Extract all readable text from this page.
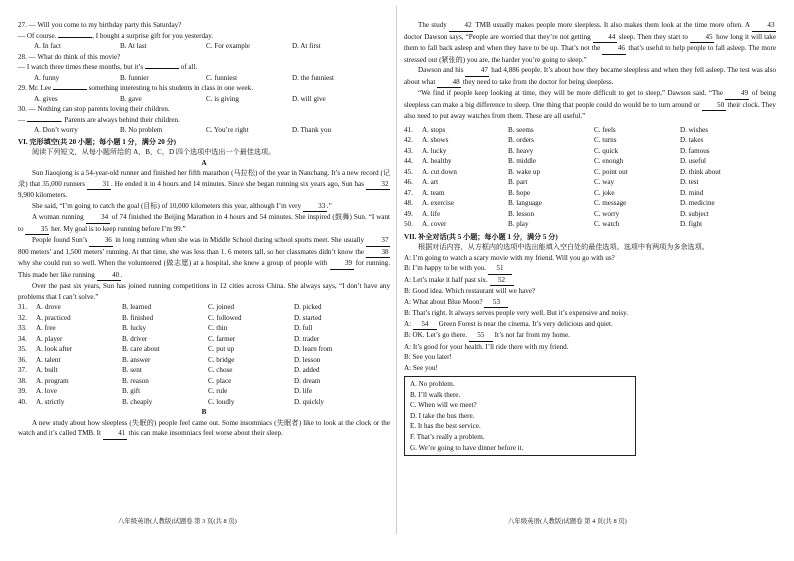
27. — Will you come to my birthday party this Saturday?
— Of course.	, I bought a surprise gift for you yesterday.
A. In fact	B. At last	C. For example	D. At first
28. — What do think of this movie?
— I watch three times these months, but it’s	of all.
A. funny	B. funnier	C. funniest	D. the funniest
29. Mr. Lee	something interesting to his students in class in one week.
A. gives	B. gave	C. is giving	D. will give
30. — Nothing can stop parents loving their children.
—	. Parents are always behind their children.
A. Don’t worry	B. No problem	C. You’re right	D. Thank you
VI. 完形填空(共 20 小题；每小题 1 分，满分 20 分)
阅读下列短文，从每小题所给的 A，B，C，D 四个选项中选出一个最佳选项。
A
Sun Jiaoqiong is a 54-year-old runner and finished her fifth marathon (马拉松) of the year in Nanchang. It’s a new record (记录) that 35,000 runners 31. He ended it in 4 hours and 14 minutes. Since she began running six years ago, Sun has 32 9,900 kilometers.
She said, “I’m going to catch the goal (目标) of 10,000 kilometers this year, although I’m very 33.”
A woman running 34 of 74 finished the Beijing Marathon in 4 hours and 54 minutes. She inspired (鼓舞) Sun. “I want to 35 her. My goal is to keep running before I’m 99.”
People found Sun’s 36 in long running when she was in Middle School during school sports meet. She usually 37 800 meters’ and 1,500 meters’ running. At that time, she was less than 1. 6 meters tall, so her classmates didn’t know the 38 why she could run so well. When the volunteered (做志愿) at a hospital, she knew a group of people with 39 for running. This made her like running 40.
Over the past six years, Sun has joined running competitions in 12 cities across China. She always says, “I don’t have any problems that I can’t solve.”
31.	A. drove	B. learned	C. joined	D. picked
32.	A. practiced	B. finished	C. followed	D. started
33.	A. free	B. lucky	C. thin	D. full
34.	A. player	B. driver	C. farmer	D. trader
35.	A. look after	B. care about	C. put up	D. learn from
36.	A. talent	B. answer	C. bridge	D. lesson
37.	A. built	B. sent	C. chose	D. added
38.	A. program	B. reason	C. place	D. dream
39.	A. love	B. gift	C. rule	D. life
40.	A. strictly	B. cheaply	C. loudly	D. quickly
B
A new study about how sleepless (失眠的) people feel came out. Some insomniacs (失眠者) like to look at the clock or the watch and it’s called TMB. It 41 this can make insomniacs feel worse about their sleep.
八年级英语(人教版)试题卷 第 3 页(共 8 页)
The study	42 TMB usually makes people more sleepless. It also makes them look at the time more often. A	43 doctor Dawson says, “People are worried that they’re not getting 44 sleep. Then they start to 45 how long it will take them to fall back asleep and when they have to be up. That’s not the 46 that’s useful to help people to fall asleep. The more stressed out (紧张的) you are, the harder you’re going to sleep.”
Dawson and his 47 had 4,886 people. It’s about how they became sleepless and when they fell asleep. The test was also about what 48 they need to take from the doctor for being sleepless.
“We find if people keep looking at time, they will be more difficult to get to sleep,” Dawson said. “The	49 of being sleepless can make a big difference to sleep. One thing that people could do would be to turn around or 50 their clock. They also need to put away watches from them. These are all useful.”
41.	A. stops	B. seems	C. feels	D. wishes
42.	A. shows	B. orders	C. turns	D. takes
43.	A. lucky	B. heavy	C. quick	D. famous
44.	A. healthy	B. middle	C. enough	D. useful
45.	A. cut down	B. wake up	C. point out	D. think about
46.	A. art	B. part	C. way	D. test
47.	A. team	B. hope	C. joke	D. mind
48.	A. exercise	B. language	C. message	D. medicine
49.	A. life	B. lesson	C. worry	D. subject
50.	A. cover	B. play	C. watch	D. fight
VII. 补全对话(共 5 小题；每小题 1 分，满分 5 分)
根据对话内容，从方框内的选项中选出能填入空白处的最佳选项。选项中有两项为多余选项。
A: I’m going to watch a scary movie with my friend. Will you go with us?
B: I’m happy to be with you. 51
A: Let’s make it half past six. 52
B: Good idea. Which restaurant will we have?
A: What about Blue Moon? 53
B: That’s right. It always serves people very well. But it’s expensive and noisy.
A: 54 Green Forest is near the cinema. It’s very delicious and quiet.
B: OK. Let’s go there. 55 It’s not far from my home.
A: It’s good for your health. I’ll ride there with my friend.
B: See you later!
A: See you!
A. No problem.
B. I’ll walk there.
C. When will we meet?
D. I take the bus there.
E. It has the best service.
F. That’s really a problem.
G. We’re going to have dinner before it.
八年级英语(人教版)试题卷 第 4 页(共 8 页)
